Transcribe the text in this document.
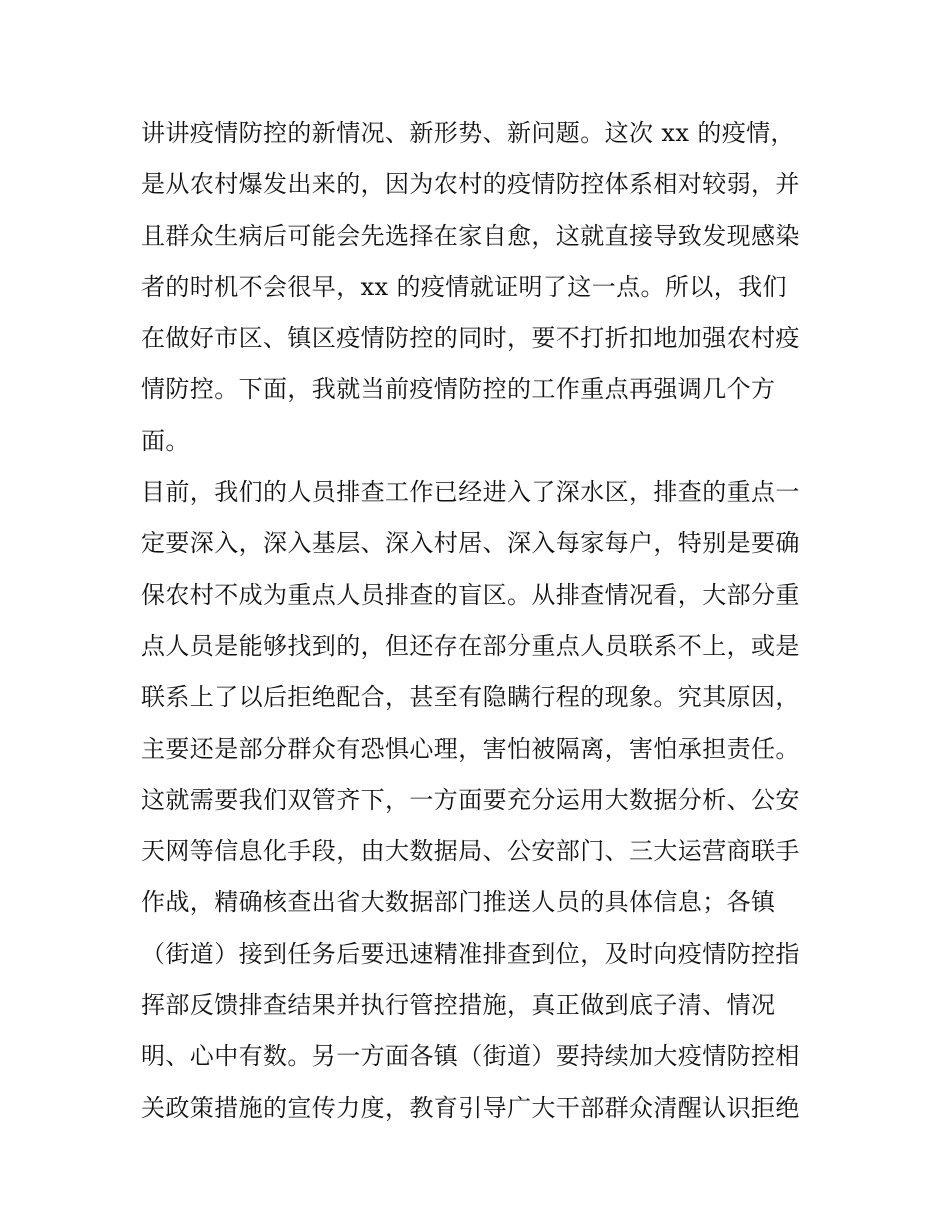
讲讲疫情防控的新情况、新形势、新问题。这次 xx 的疫情，
是从农村爆发出来的，因为农村的疫情防控体系相对较弱，并
且群众生病后可能会先选择在家自愈，这就直接导致发现感染
者的时机不会很早，xx 的疫情就证明了这一点。所以，我们
在做好市区、镇区疫情防控的同时，要不打折扣地加强农村疫
情防控。下面，我就当前疫情防控的工作重点再强调几个方
面。
目前，我们的人员排查工作已经进入了深水区，排查的重点一
定要深入，深入基层、深入村居、深入每家每户，特别是要确
保农村不成为重点人员排查的盲区。从排查情况看，大部分重
点人员是能够找到的，但还存在部分重点人员联系不上，或是
联系上了以后拒绝配合，甚至有隐瞒行程的现象。究其原因，
主要还是部分群众有恐惧心理，害怕被隔离，害怕承担责任。
这就需要我们双管齐下，一方面要充分运用大数据分析、公安
天网等信息化手段，由大数据局、公安部门、三大运营商联手
作战，精确核查出省大数据部门推送人员的具体信息；各镇
（街道）接到任务后要迅速精准排查到位，及时向疫情防控指
挥部反馈排查结果并执行管控措施，真正做到底子清、情况
明、心中有数。另一方面各镇（街道）要持续加大疫情防控相
关政策措施的宣传力度，教育引导广大干部群众清醒认识拒绝
